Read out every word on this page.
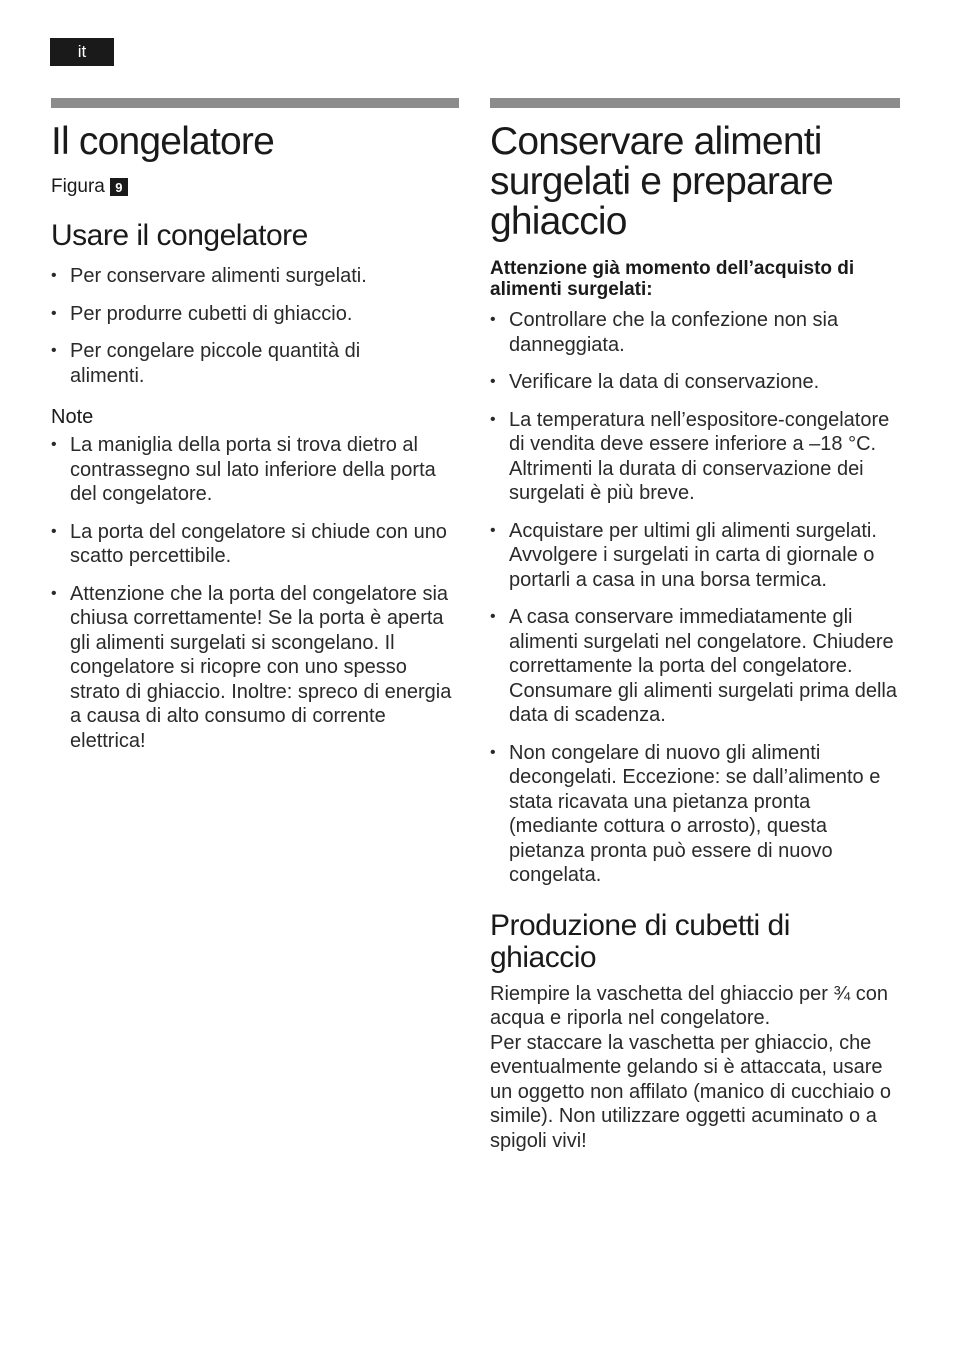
it
Il congelatore
Figura 9
Usare il congelatore
• Per conservare alimenti surgelati.
• Per produrre cubetti di ghiaccio.
• Per congelare piccole quantità di alimenti.
Note
• La maniglia della porta si trova dietro al contrassegno sul lato inferiore della porta del congelatore.
• La porta del congelatore si chiude con uno scatto percettibile.
• Attenzione che la porta del congelatore sia chiusa correttamente! Se la porta è aperta gli alimenti surgelati si scongelano. Il congelatore si ricopre con uno spesso strato di ghiaccio. Inoltre: spreco di energia a causa di alto consumo di corrente elettrica!
Conservare alimenti surgelati e preparare ghiaccio
Attenzione già momento dell’acquisto di alimenti surgelati:
• Controllare che la confezione non sia danneggiata.
• Verificare la data di conservazione.
• La temperatura nell’espositore-congelatore di vendita deve essere inferiore a –18 °C. Altrimenti la durata di conservazione dei surgelati è più breve.
• Acquistare per ultimi gli alimenti surgelati. Avvolgere i surgelati in carta di giornale o portarli a casa in una borsa termica.
• A casa conservare immediatamente gli alimenti surgelati nel congelatore. Chiudere correttamente la porta del congelatore. Consumare gli alimenti surgelati prima della data di scadenza.
• Non congelare di nuovo gli alimenti decongelati. Eccezione: se dall’alimento e stata ricavata una pietanza pronta (mediante cottura o arrosto), questa pietanza pronta può essere di nuovo congelata.
Produzione di cubetti di ghiaccio
Riempire la vaschetta del ghiaccio per ¾ con acqua e riporla nel congelatore.
Per staccare la vaschetta per ghiaccio, che eventualmente gelando si è attaccata, usare un oggetto non affilato (manico di cucchiaio o simile). Non utilizzare oggetti acuminato o a spigoli vivi!
